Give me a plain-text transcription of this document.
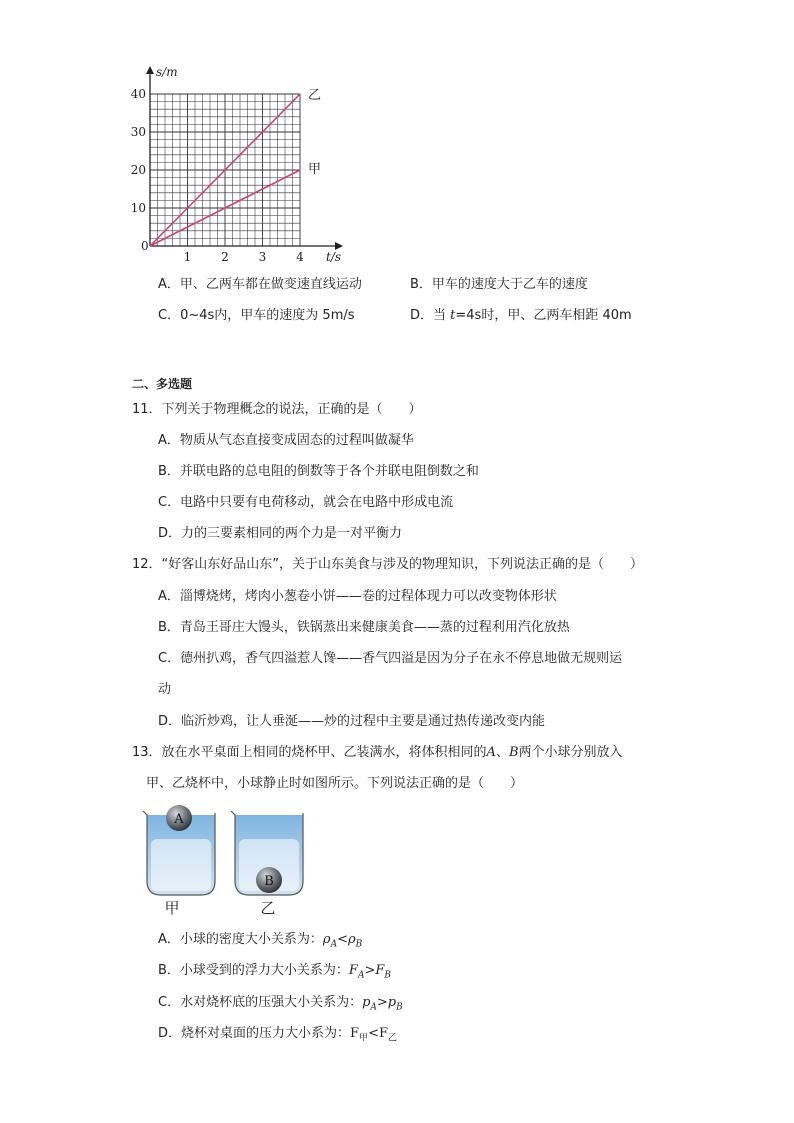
40
30
20
10
1 2 3 4
s/m
t/s
0
乙
甲
A．甲、乙两车都在做变速直线运动	B．甲车的速度大于乙车的速度
C．0~4s内，甲车的速度为 5m/s	D．当 t=4s时，甲、乙两车相距 40m
二、多选题
11．下列关于物理概念的说法，正确的是（　　）
A．物质从气态直接变成固态的过程叫做凝华
B．并联电路的总电阻的倒数等于各个并联电阻倒数之和
C．电路中只要有电荷移动，就会在电路中形成电流
D．力的三要素相同的两个力是一对平衡力
12．“好客山东好品山东”，关于山东美食与涉及的物理知识，下列说法正确的是（　　）
A．淄博烧烤，烤肉小葱卷小饼——卷的过程体现力可以改变物体形状
B．青岛王哥庄大馒头，铁锅蒸出来健康美食——蒸的过程利用汽化放热
C．德州扒鸡，香气四溢惹人馋——香气四溢是因为分子在永不停息地做无规则运
动
D．临沂炒鸡，让人垂涎——炒的过程中主要是通过热传递改变内能
13．放在水平桌面上相同的烧杯甲、乙装满水，将体积相同的A、B两个小球分别放入
甲、乙烧杯中，小球静止时如图所示。下列说法正确的是（　　）
A
甲
B
乙
A．小球的密度大小关系为：$\rho_A<\rho_B$
B．小球受到的浮力大小关系为：$F_A>F_B$
C．水对烧杯底的压强大小关系为：$p_A>p_B$
D．烧杯对桌面的压力大小系为：$F_甲<F_乙$
